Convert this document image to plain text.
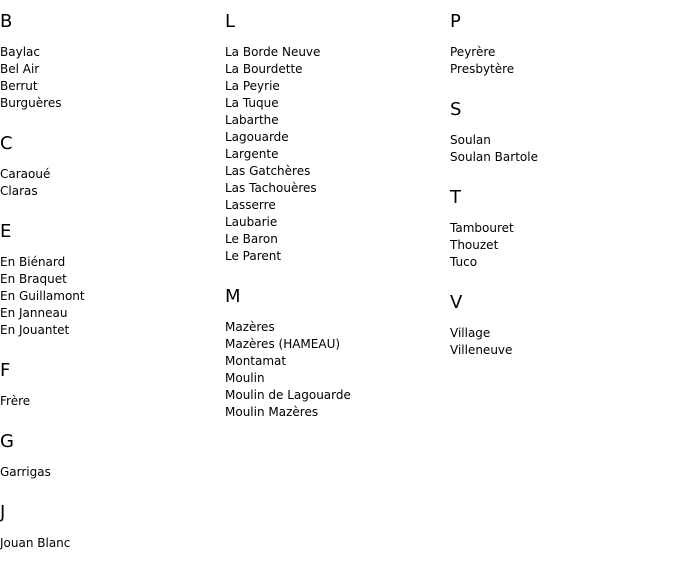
B
Baylac
Bel Air
Berrut
Burguères
C
Caraoué
Claras
E
En Biénard
En Braquet
En Guillamont
En Janneau
En Jouantet
F
Frère
G
Garrigas
J
Jouan Blanc
L
La Borde Neuve
La Bourdette
La Peyrie
La Tuque
Labarthe
Lagouarde
Largente
Las Gatchères
Las Tachouères
Lasserre
Laubarie
Le Baron
Le Parent
M
Mazères
Mazères (HAMEAU)
Montamat
Moulin
Moulin de Lagouarde
Moulin Mazères
P
Peyrère
Presbytère
S
Soulan
Soulan Bartole
T
Tambouret
Thouzet
Tuco
V
Village
Villeneuve
